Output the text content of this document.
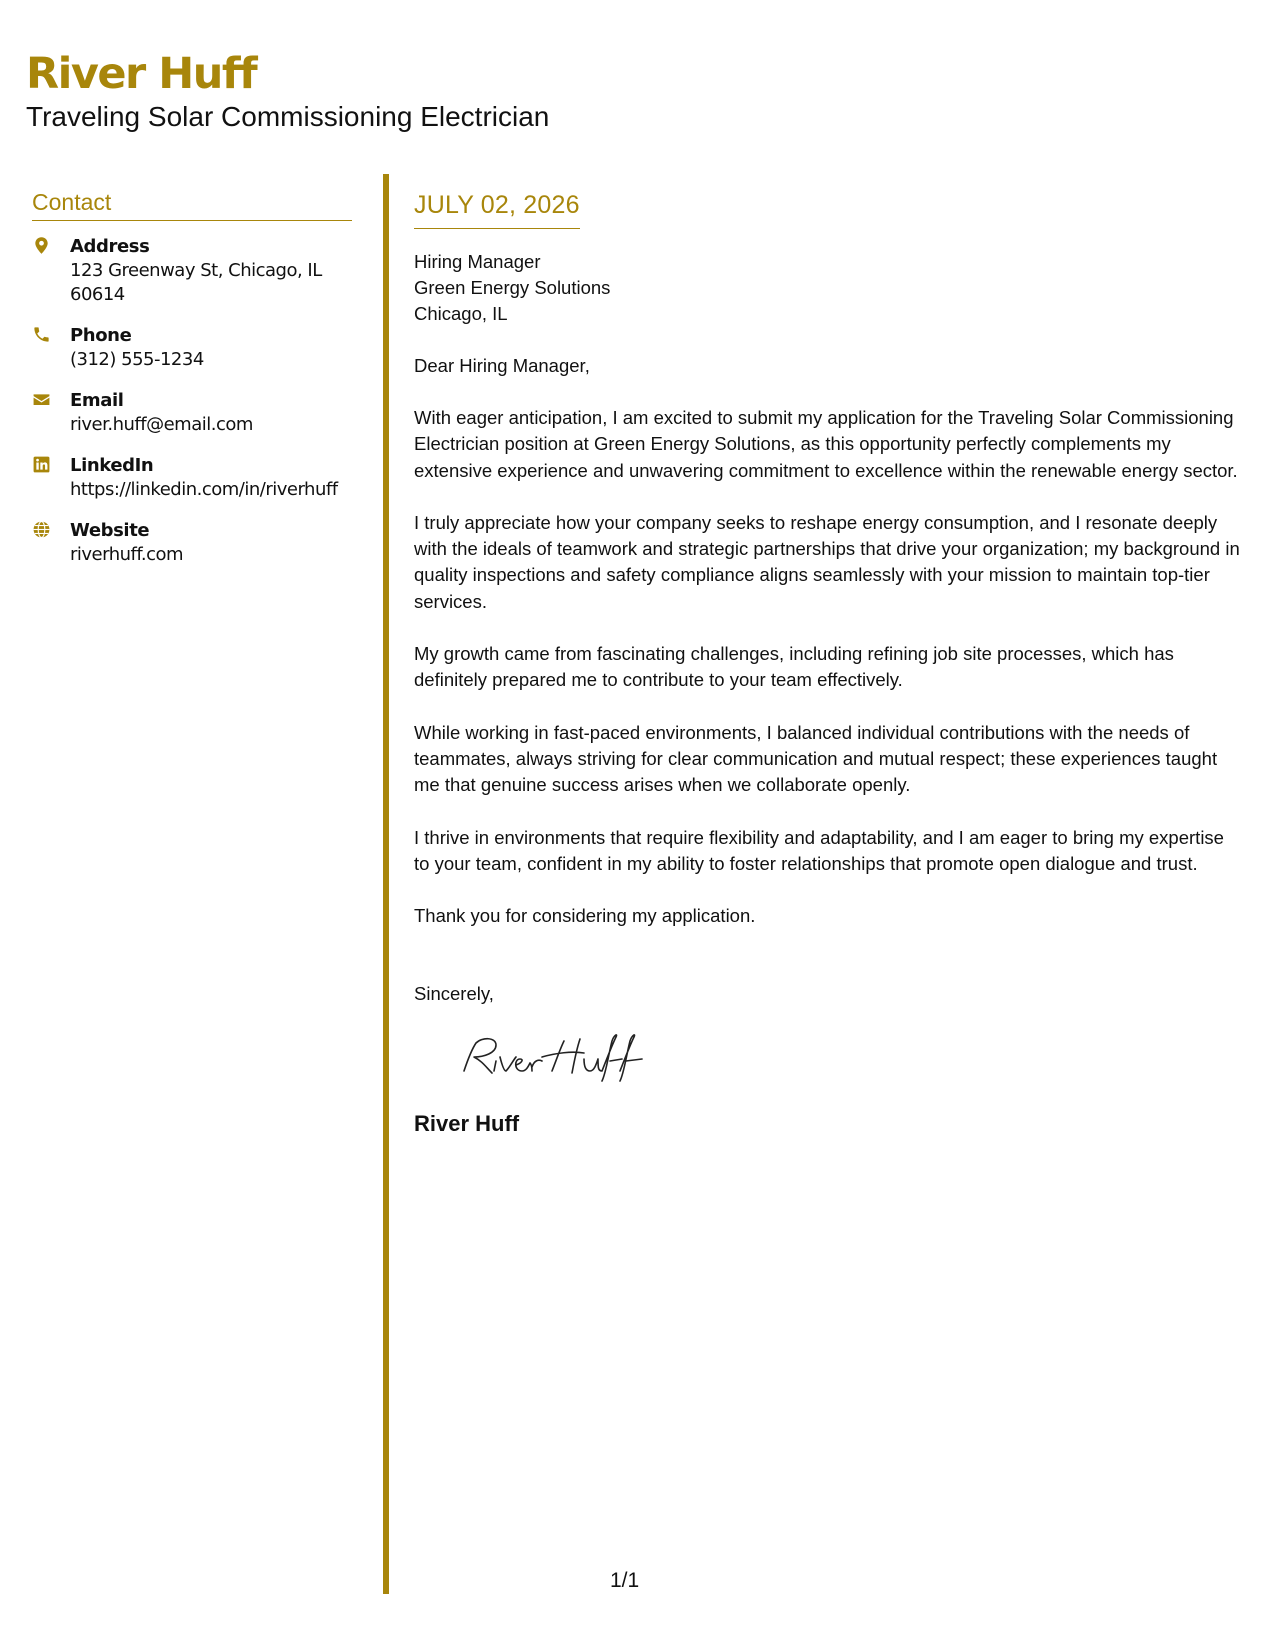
River Huff
Traveling Solar Commissioning Electrician
Contact
Address
123 Greenway St, Chicago, IL 60614
Phone
(312) 555-1234
Email
river.huff@email.com
LinkedIn
https://linkedin.com/in/riverhuff
Website
riverhuff.com
JULY 02, 2026
Hiring Manager
Green Energy Solutions
Chicago, IL
Dear Hiring Manager,
With eager anticipation, I am excited to submit my application for the Traveling Solar Commissioning Electrician position at Green Energy Solutions, as this opportunity perfectly complements my extensive experience and unwavering commitment to excellence within the renewable energy sector.
I truly appreciate how your company seeks to reshape energy consumption, and I resonate deeply with the ideals of teamwork and strategic partnerships that drive your organization; my background in quality inspections and safety compliance aligns seamlessly with your mission to maintain top-tier services.
My growth came from fascinating challenges, including refining job site processes, which has definitely prepared me to contribute to your team effectively.
While working in fast-paced environments, I balanced individual contributions with the needs of teammates, always striving for clear communication and mutual respect; these experiences taught me that genuine success arises when we collaborate openly.
I thrive in environments that require flexibility and adaptability, and I am eager to bring my expertise to your team, confident in my ability to foster relationships that promote open dialogue and trust.
Thank you for considering my application.
Sincerely,
River Huff
1/1
